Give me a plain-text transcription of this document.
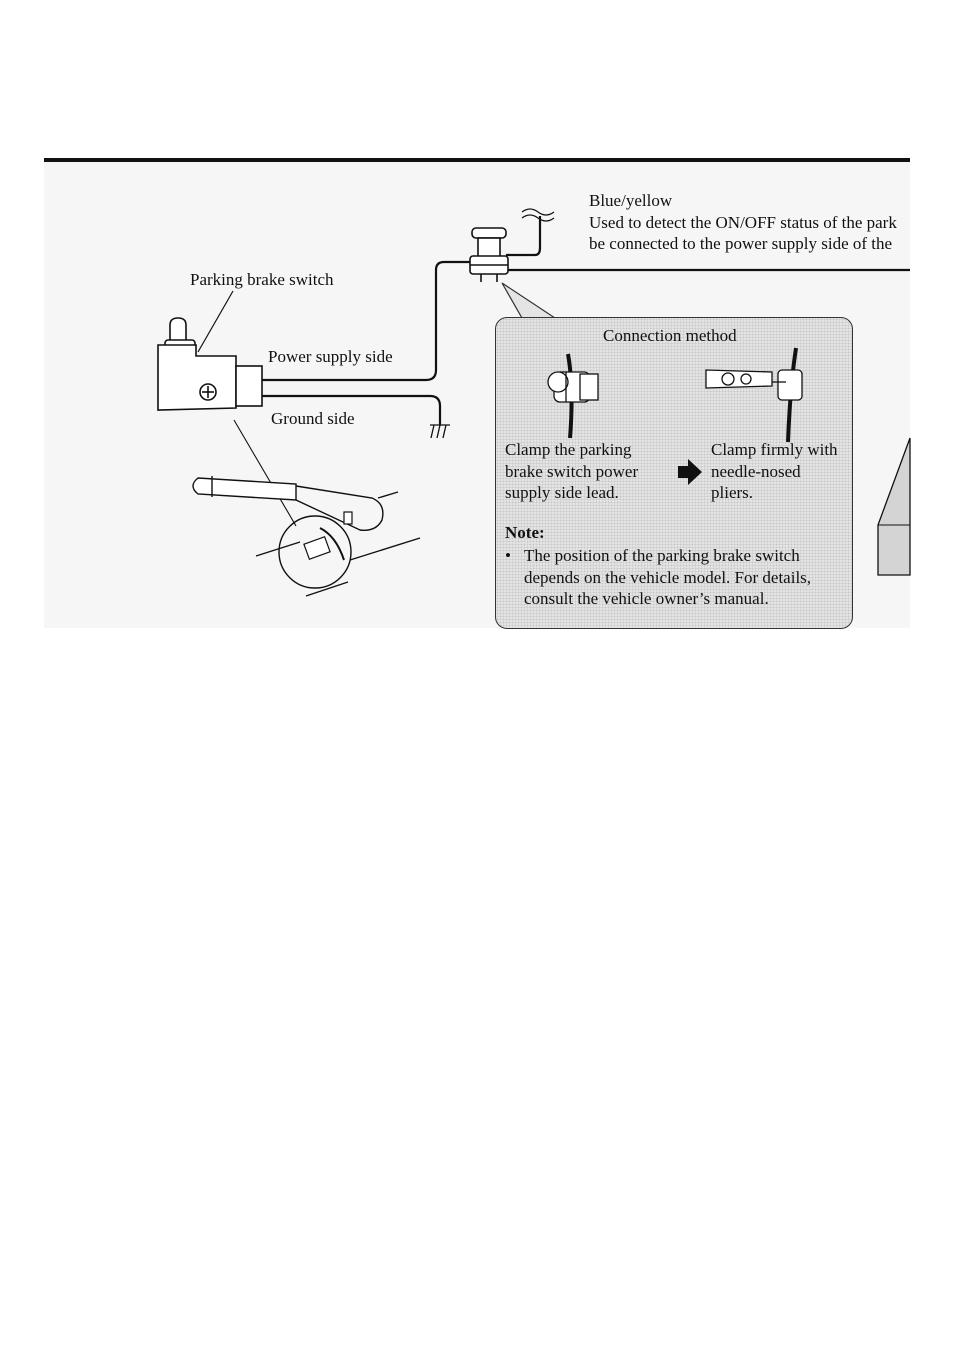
Parking brake switch
Power supply side
Ground side
Blue/yellow
Used to detect the ON/OFF status of the park
be connected to the power supply side of the
Connection method
Clamp the parking
brake switch power
supply side lead.
Clamp firmly with
needle-nosed
pliers.
Note:
• The position of the parking brake switch
depends on the vehicle model. For details,
consult the vehicle owner’s manual.
